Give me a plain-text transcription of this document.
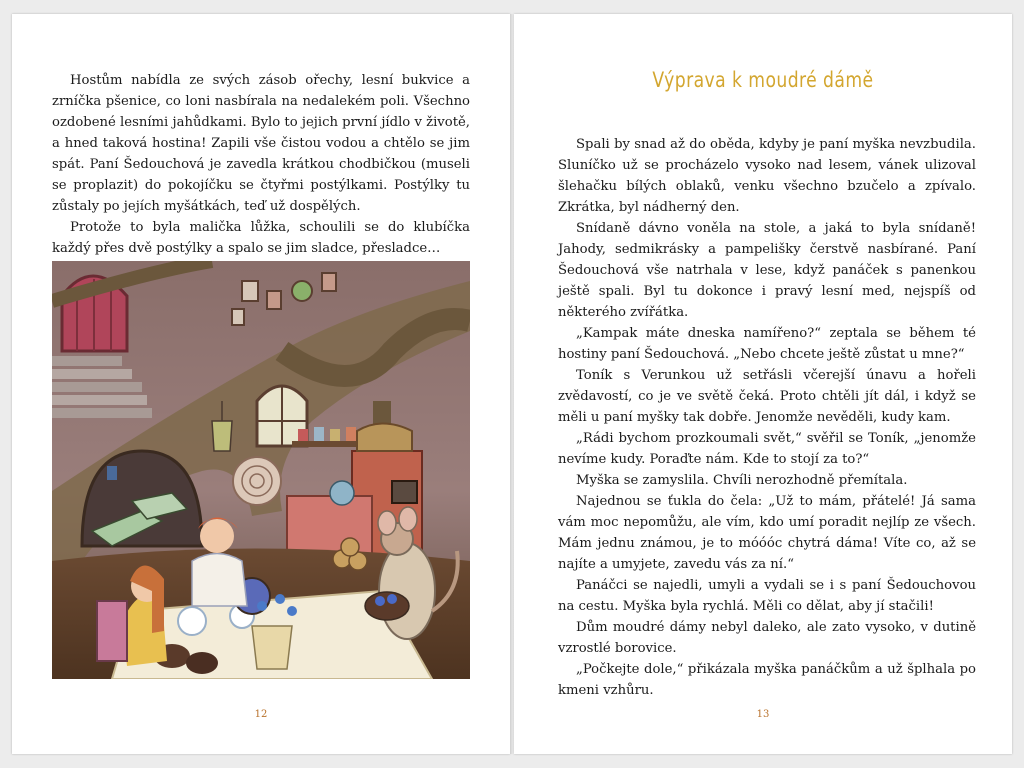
Hostům nabídla ze svých zásob ořechy, lesní bukvice a zrníčka pšenice, co loni nasbírala na nedalekém poli. Všechno ozdobené lesními jahůdkami. Bylo to jejich první jídlo v životě, a hned taková hostina! Zapili vše čistou vodou a chtělo se jim spát. Paní Šedouchová je zavedla krátkou chodbičkou (museli se proplazit) do pokojíčku se čtyřmi postýlkami. Postýlky tu zůstaly po jejích myšátkách, teď už dospělých.

Protože to byla malička lůžka, schoulili se do klubíčka každý přes dvě postýlky a spalo se jim sladce, přesladce…

12
Výprava k moudré dámě

Spali by snad až do oběda, kdyby je paní myška nevzbudila. Sluníčko už se procházelo vysoko nad lesem, vánek ulizoval šlehačku bílých oblaků, venku všechno bzučelo a zpívalo. Zkrátka, byl nádherný den.

Snídaně dávno voněla na stole, a jaká to byla snídaně! Jahody, sedmikrásky a pampelišky čerstvě nasbírané. Paní Šedouchová vše natrhala v lese, když panáček s panenkou ještě spali. Byl tu dokonce i pravý lesní med, nejspíš od některého zvířátka.

„Kampak máte dneska namířeno?“ zeptala se během té hostiny paní Šedouchová. „Nebo chcete ještě zůstat u mne?“

Toník s Verunkou už setřásli včerejší únavu a hořeli zvědavostí, co je ve světě čeká. Proto chtěli jít dál, i když se měli u paní myšky tak dobře. Jenomže nevěděli, kudy kam.

„Rádi bychom prozkoumali svět,“ svěřil se Toník, „jenomže nevíme kudy. Poraďte nám. Kde to stojí za to?“

Myška se zamyslila. Chvíli nerozhodně přemítala.

Najednou se ťukla do čela: „Už to mám, přátelé! Já sama vám moc nepomůžu, ale vím, kdo umí poradit nejlíp ze všech. Mám jednu známou, je to móóóc chytrá dáma! Víte co, až se najíte a umyjete, zavedu vás za ní.“

Panáčci se najedli, umyli a vydali se i s paní Šedouchovou na cestu. Myška byla rychlá. Měli co dělat, aby jí stačili!

Dům moudré dámy nebyl daleko, ale zato vysoko, v dutině vzrostlé borovice.

„Počkejte dole,“ přikázala myška panáčkům a už šplhala po kmeni vzhůru.

13
